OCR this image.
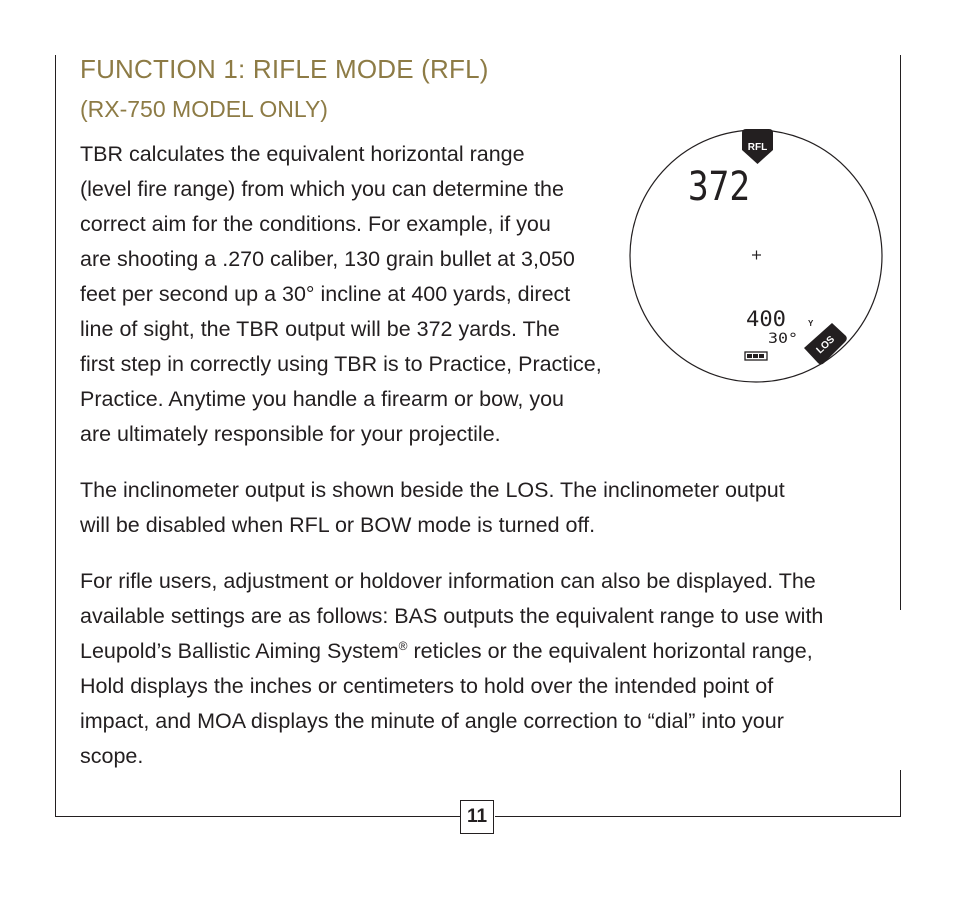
FUNCTION 1: RIFLE MODE (RFL)
(RX-750 MODEL ONLY)

TBR calculates the equivalent horizontal range
(level fire range) from which you can determine the
correct aim for the conditions. For example, if you
are shooting a .270 caliber, 130 grain bullet at 3,050
feet per second up a 30° incline at 400 yards, direct
line of sight, the TBR output will be 372 yards. The
first step in correctly using TBR is to Practice, Practice,
Practice. Anytime you handle a firearm or bow, you
are ultimately responsible for your projectile.

RFL
372
400	Y
30° LOS

The inclinometer output is shown beside the LOS. The inclinometer output
will be disabled when RFL or BOW mode is turned off.

For rifle users, adjustment or holdover information can also be displayed. The
available settings are as follows: BAS outputs the equivalent range to use with
Leupold’s Ballistic Aiming System® reticles or the equivalent horizontal range,
Hold displays the inches or centimeters to hold over the intended point of
impact, and MOA displays the minute of angle correction to “dial” into your
scope.

11
